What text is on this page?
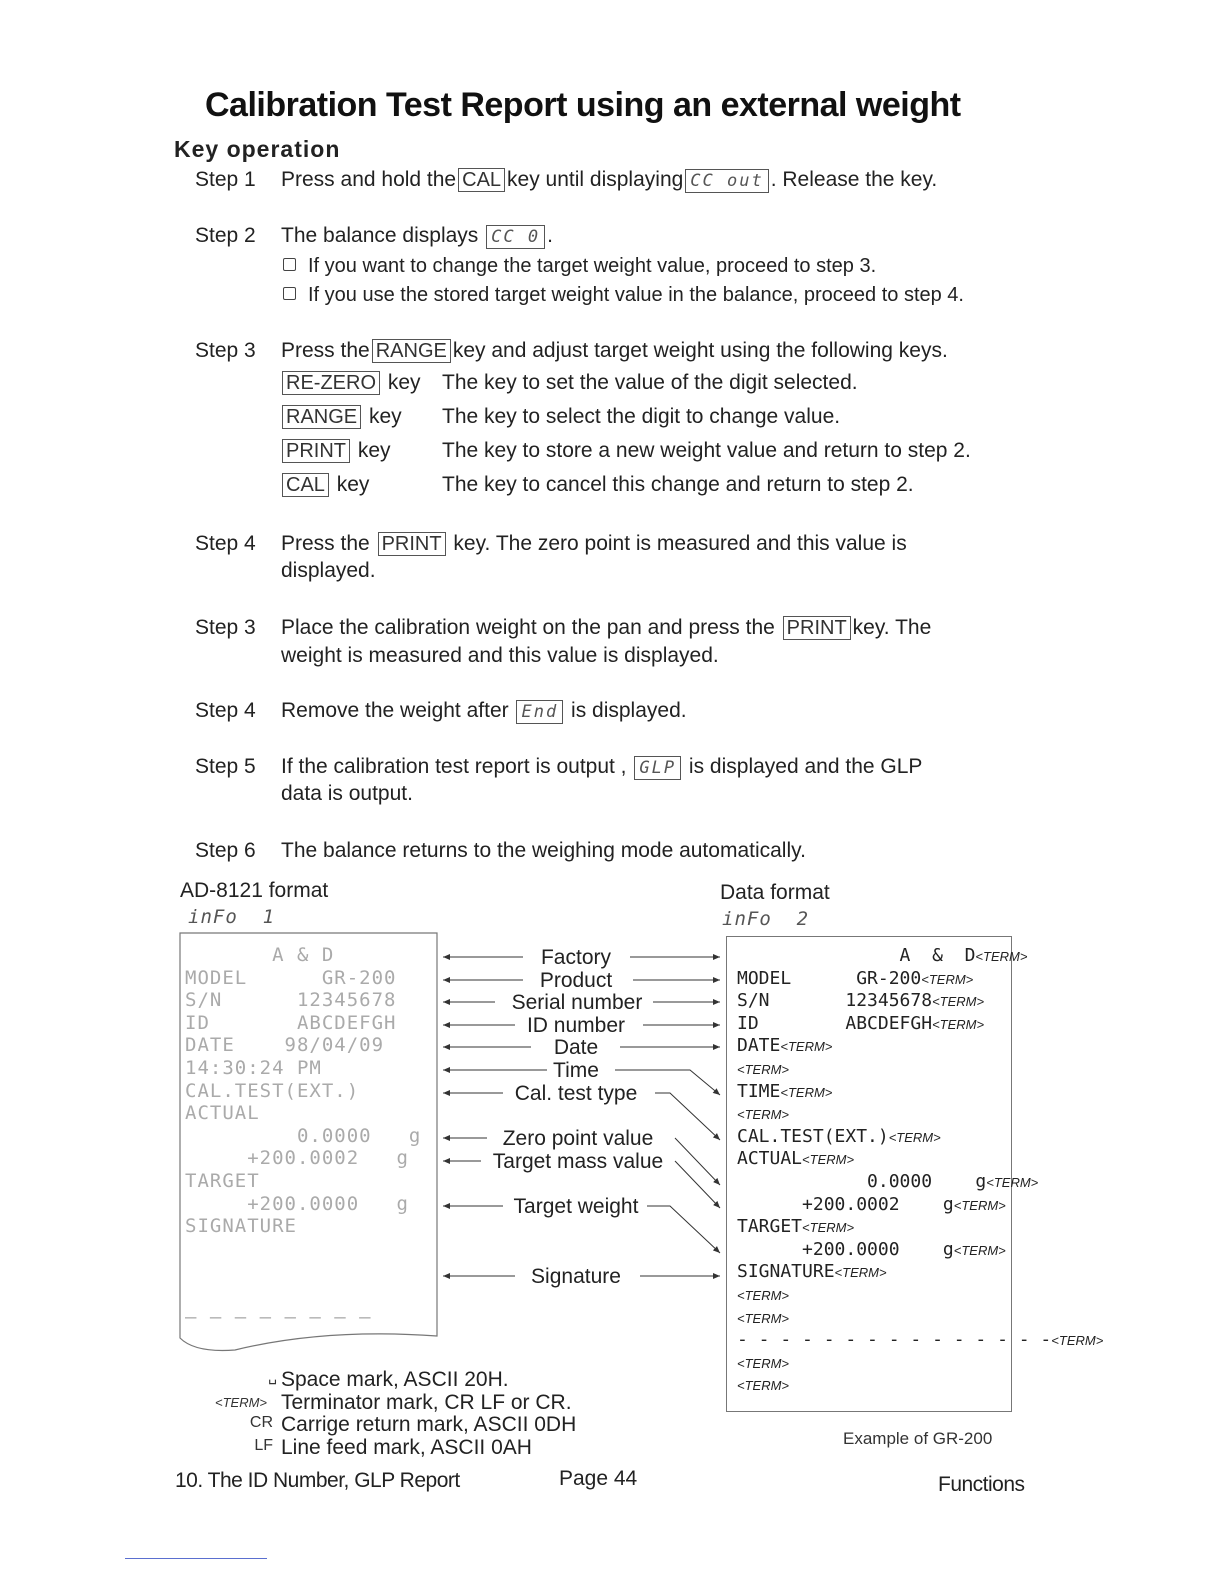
Calibration Test Report using an external weight
Key operation
Step 1 Press and hold the CAL key until displaying CC out . Release the key.
Step 2 The balance displays CC 0 .
If you want to change the target weight value, proceed to step 3.
If you use the stored target weight value in the balance, proceed to step 4.
Step 3 Press the RANGE key and adjust target weight using the following keys.
RE-ZERO key The key to set the value of the digit selected.
RANGE key The key to select the digit to change value.
PRINT key The key to store a new weight value and return to step 2.
CAL key	The key to cancel this change and return to step 2.
Step 4 Press the PRINT key. The zero point is measured and this value is
displayed.
Step 3 Place the calibration weight on the pan and press the PRINT key. The
weight is measured and this value is displayed.
Step 4 Remove the weight after End is displayed.
Step 5 If the calibration test report is output , GLP is displayed and the GLP
data is output.
Step 6 The balance returns to the weighing mode automatically.
AD-8121 format
inFo  1
Data format
inFo  2
A & D
MODEL      GR-200
S/N      12345678
ID       ABCDEFGH
DATE    98/04/09
14:30:24 PM
CAL.TEST(EXT.)
ACTUAL
0.0000   g
+200.0002   g
TARGET
+200.0000   g
SIGNATURE
— — — — — — — —
A  &  D<TERM>
MODEL      GR-200<TERM>
S/N       12345678<TERM>
ID        ABCDEFGH<TERM>
DATE<TERM>
<TERM>
TIME<TERM>
<TERM>
CAL.TEST(EXT.)<TERM>
ACTUAL<TERM>
0.0000    g<TERM>
+200.0002    g<TERM>
TARGET<TERM>
+200.0000    g<TERM>
SIGNATURE<TERM>
<TERM>
<TERM>
- - - - - - - - - - - - - - -<TERM>
<TERM>
<TERM>
Example of GR-200
Factory
Product
Serial number
ID number
Date
Time
Cal. test type
Zero point value
Target mass value
Target weight
Signature
␣ Space mark, ASCII 20H.
<TERM> Terminator mark, CR LF or CR.
CR Carrige return mark, ASCII 0DH
LF Line feed mark, ASCII 0AH
10. The ID Number, GLP Report	Page 44	Functions
